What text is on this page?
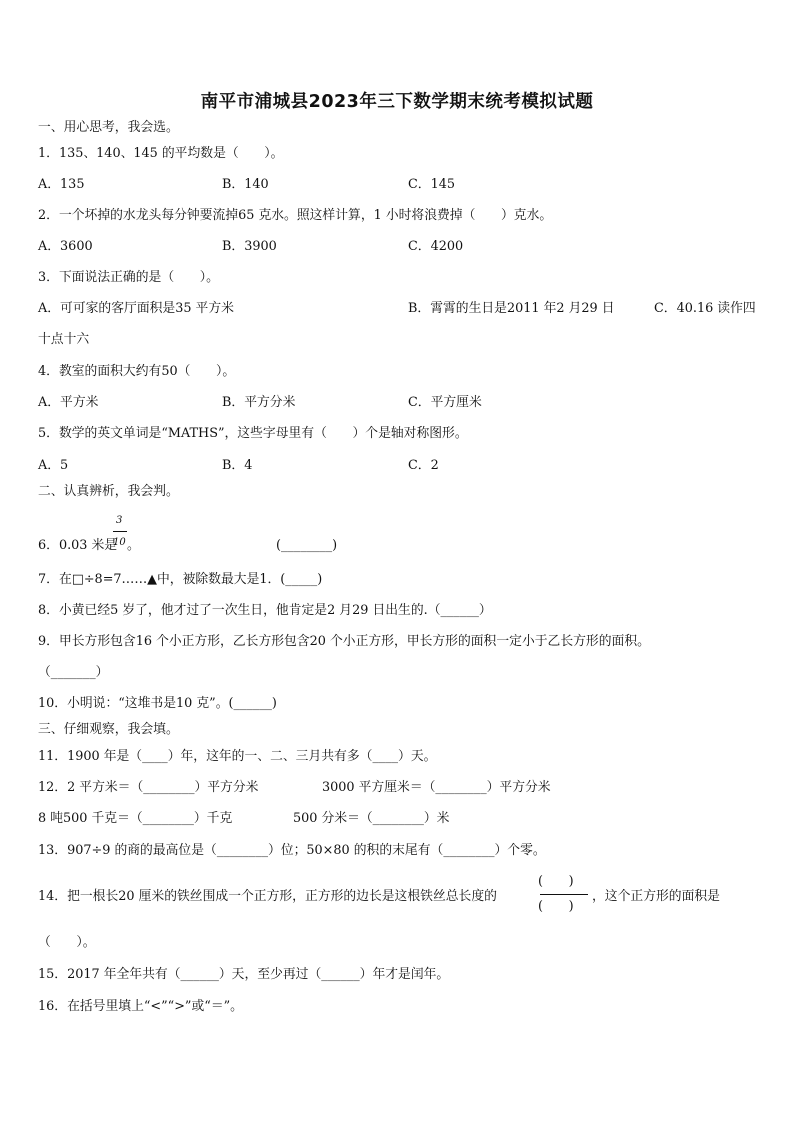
南平市浦城县2023年三下数学期末统考模拟试题
一、用心思考，我会选。
1．135、140、145 的平均数是（　　）。
A．135	B．140	C．145
2．一个坏掉的水龙头每分钟要流掉65 克水。照这样计算，1 小时将浪费掉（　　）克水。
A．3600	B．3900	C．4200
3．下面说法正确的是（　　）。
A．可可家的客厅面积是35 平方米	B．霄霄的生日是2011 年2 月29 日	C．40.16 读作四
十点十六
4．教室的面积大约有50（　　）。
A．平方米	B．平方分米	C．平方厘米
5．数学的英文单词是“MATHS”，这些字母里有（　　）个是轴对称图形。
A．5	B．4	C．2
二、认真辨析，我会判。
6．0.03 米是
3
10 。	(________)
7．在□÷8=7……▲中，被除数最大是1．(_____)
8．小黄已经5 岁了，他才过了一次生日，他肯定是2 月29 日出生的.（______）
9．甲长方形包含16 个小正方形，乙长方形包含20 个小正方形，甲长方形的面积一定小于乙长方形的面积。
（_______）
10．小明说：“这堆书是10 克”。(______)
三、仔细观察，我会填。
11．1900 年是（____）年，这年的一、二、三月共有多（____）天。
12．2 平方米＝（________）平方分米	3000 平方厘米＝（________）平方分米
8 吨500 千克＝（________）千克	500 分米＝（________）米
13．907÷9 的商的最高位是（________）位；50×80 的积的末尾有（________）个零。
14．把一根长20 厘米的铁丝围成一个正方形，正方形的边长是这根铁丝总长度的
(　　)
(　　)
，这个正方形的面积是
（　　）。
15．2017 年全年共有（______）天，至少再过（______）年才是闰年。
16．在括号里填上“<”“>”或“＝”。
